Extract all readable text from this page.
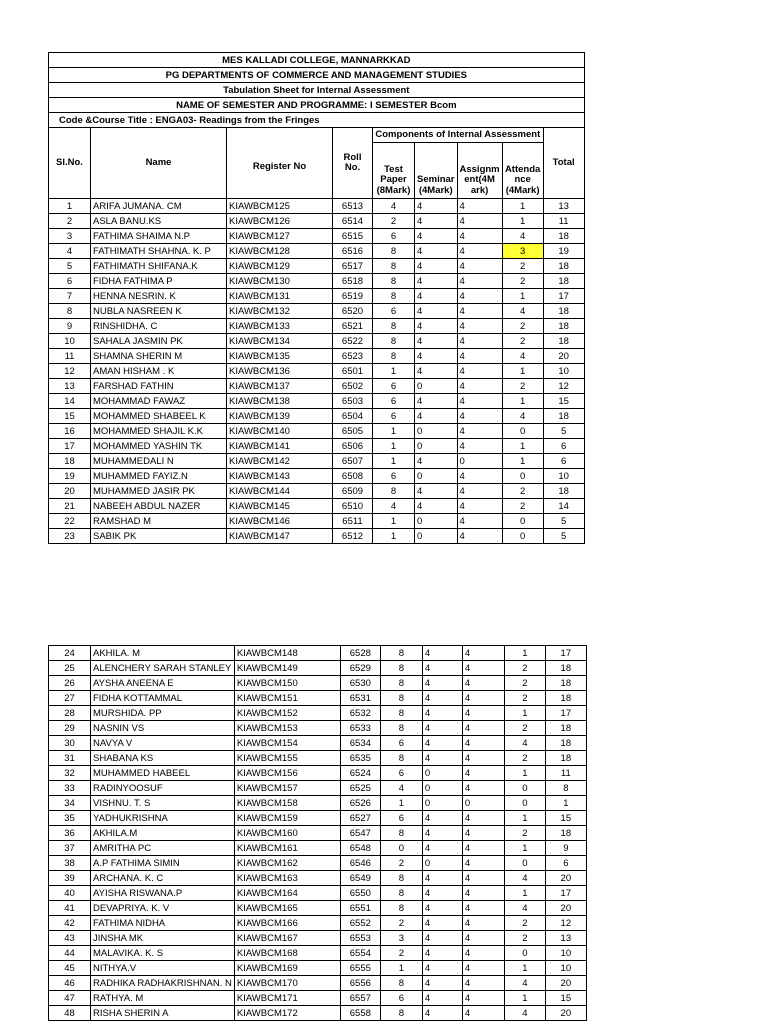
MES KALLADI COLLEGE, MANNARKKAD								
PG DEPARTMENTS OF COMMERCE AND MANAGEMENT STUDIES								
Tabulation Sheet for Internal Assessment								
NAME OF SEMESTER AND PROGRAMME: I SEMESTER Bcom								
Code &Course Title : ENGA03- Readings from the Fringes								
Sl.No.	Name	Register No	Roll No.	Components of Internal Assessment				Total
				Test Paper (8Mark)	Seminar (4Mark)	Assignm ent(4M ark)	Attenda nce (4Mark)	
1	ARIFA JUMANA. CM	KIAWBCM125	6513	4	4	4	1	13
2	ASLA BANU.KS	KIAWBCM126	6514	2	4	4	1	11
3	FATHIMA SHAIMA N.P	KIAWBCM127	6515	6	4	4	4	18
4	FATHIMATH SHAHNA. K. P	KIAWBCM128	6516	8	4	4	3	19
5	FATHIMATH SHIFANA.K	KIAWBCM129	6517	8	4	4	2	18
6	FIDHA FATHIMA P	KIAWBCM130	6518	8	4	4	2	18
7	HENNA NESRIN. K	KIAWBCM131	6519	8	4	4	1	17
8	NUBLA NASREEN K	KIAWBCM132	6520	6	4	4	4	18
9	RINSHIDHA. C	KIAWBCM133	6521	8	4	4	2	18
10	SAHALA JASMIN PK	KIAWBCM134	6522	8	4	4	2	18
11	SHAMNA SHERIN M	KIAWBCM135	6523	8	4	4	4	20
12	AMAN HISHAM . K	KIAWBCM136	6501	1	4	4	1	10
13	FARSHAD FATHIN	KIAWBCM137	6502	6	0	4	2	12
14	MOHAMMAD FAWAZ	KIAWBCM138	6503	6	4	4	1	15
15	MOHAMMED SHABEEL K	KIAWBCM139	6504	6	4	4	4	18
16	MOHAMMED SHAJIL K.K	KIAWBCM140	6505	1	0	4	0	5
17	MOHAMMED YASHIN TK	KIAWBCM141	6506	1	0	4	1	6
18	MUHAMMEDALI N	KIAWBCM142	6507	1	4	0	1	6
19	MUHAMMED FAYIZ.N	KIAWBCM143	6508	6	0	4	0	10
20	MUHAMMED JASIR PK	KIAWBCM144	6509	8	4	4	2	18
21	NABEEH ABDUL NAZER	KIAWBCM145	6510	4	4	4	2	14
22	RAMSHAD M	KIAWBCM146	6511	1	0	4	0	5
23	SABIK PK	KIAWBCM147	6512	1	0	4	0	5
24	AKHILA. M	KIAWBCM148	6528	8	4	4	1	17
25	ALENCHERY SARAH STANLEY	KIAWBCM149	6529	8	4	4	2	18
26	AYSHA ANEENA E	KIAWBCM150	6530	8	4	4	2	18
27	FIDHA KOTTAMMAL	KIAWBCM151	6531	8	4	4	2	18
28	MURSHIDA. PP	KIAWBCM152	6532	8	4	4	1	17
29	NASNIN VS	KIAWBCM153	6533	8	4	4	2	18
30	NAVYA V	KIAWBCM154	6534	6	4	4	4	18
31	SHABANA KS	KIAWBCM155	6535	8	4	4	2	18
32	MUHAMMED HABEEL	KIAWBCM156	6524	6	0	4	1	11
33	RADINYOOSUF	KIAWBCM157	6525	4	0	4	0	8
34	VISHNU. T. S	KIAWBCM158	6526	1	0	0	0	1
35	YADHUKRISHNA	KIAWBCM159	6527	6	4	4	1	15
36	AKHILA.M	KIAWBCM160	6547	8	4	4	2	18
37	AMRITHA PC	KIAWBCM161	6548	0	4	4	1	9
38	A.P FATHIMA SIMIN	KIAWBCM162	6546	2	0	4	0	6
39	ARCHANA. K. C	KIAWBCM163	6549	8	4	4	4	20
40	AYISHA RISWANA.P	KIAWBCM164	6550	8	4	4	1	17
41	DEVAPRIYA. K. V	KIAWBCM165	6551	8	4	4	4	20
42	FATHIMA NIDHA	KIAWBCM166	6552	2	4	4	2	12
43	JINSHA MK	KIAWBCM167	6553	3	4	4	2	13
44	MALAVIKA. K. S	KIAWBCM168	6554	2	4	4	0	10
45	NITHYA.V	KIAWBCM169	6555	1	4	4	1	10
46	RADHIKA RADHAKRISHNAN. N	KIAWBCM170	6556	8	4	4	4	20
47	RATHYA. M	KIAWBCM171	6557	6	4	4	1	15
48	RISHA SHERIN A	KIAWBCM172	6558	8	4	4	4	20
